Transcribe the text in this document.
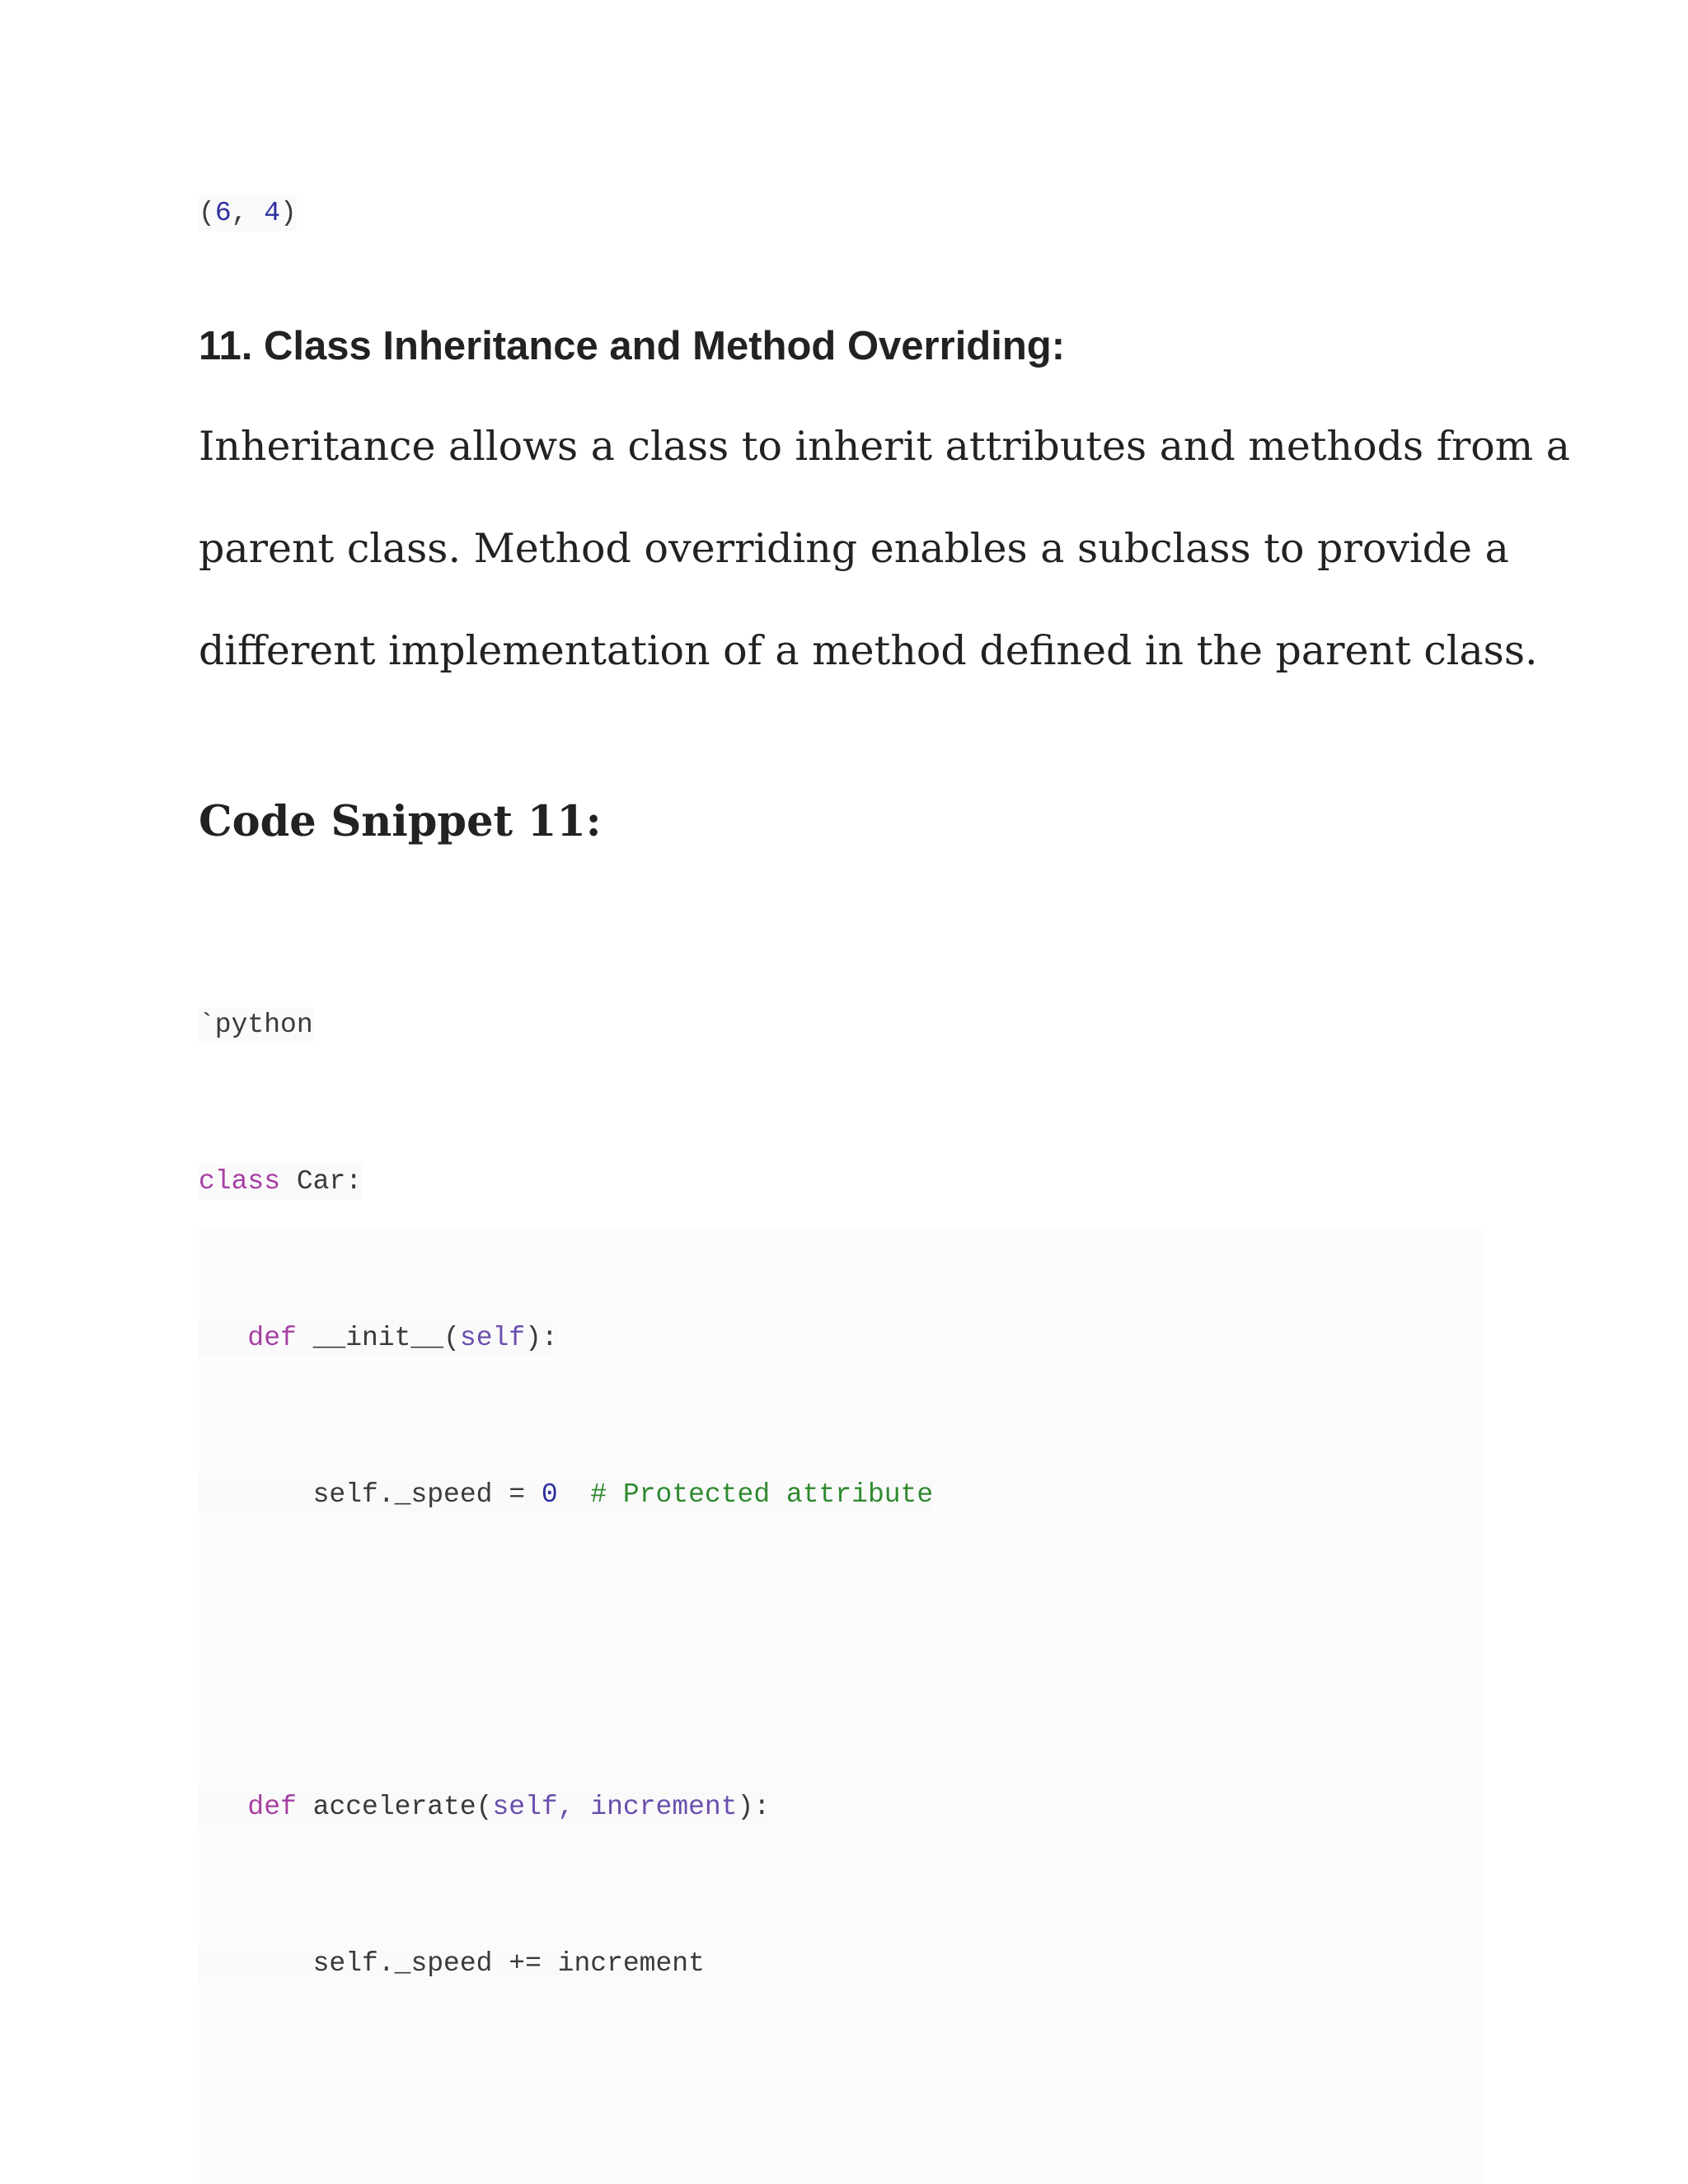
(6, 4)
11. Class Inheritance and Method Overriding:
Inheritance allows a class to inherit attributes and methods from a
parent class. Method overriding enables a subclass to provide a
different implementation of a method defined in the parent class.
Code Snippet 11:
`python
class Car:
def __init__(self):
self._speed = 0 # Protected attribute
def accelerate(self, increment):
self._speed += increment
